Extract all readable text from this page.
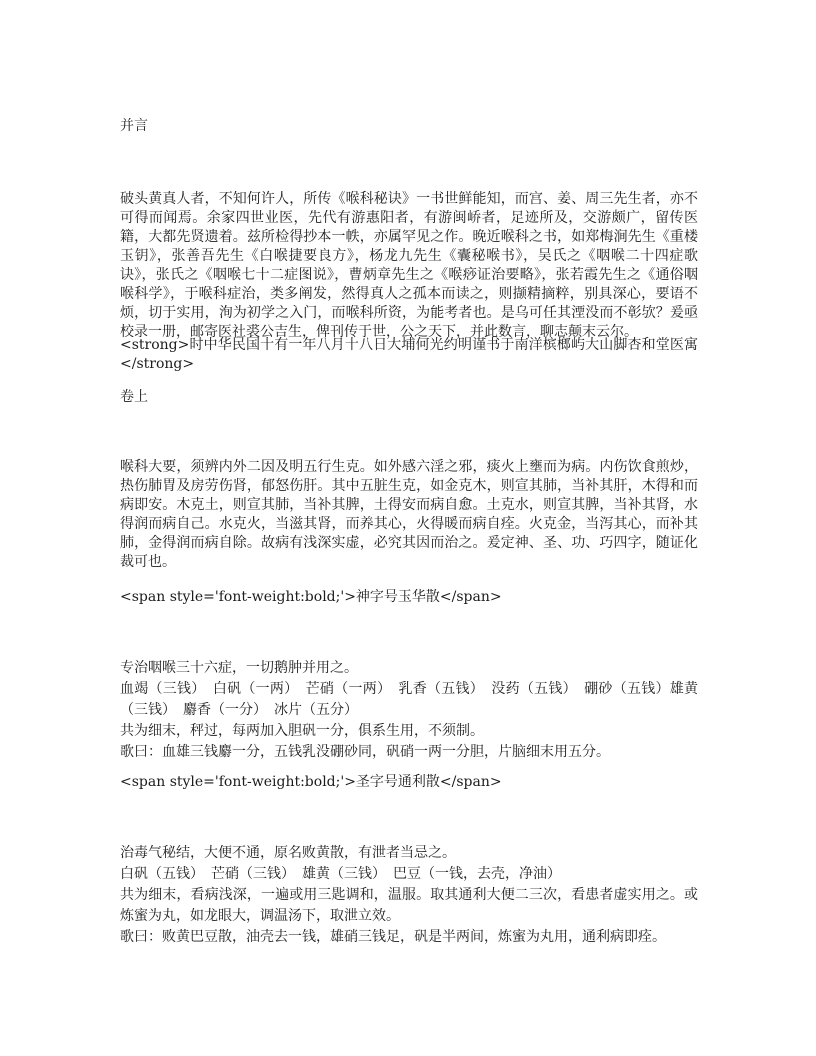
并言
破头黄真人者，不知何许人，所传《喉科秘诀》一书世鲜能知，而宫、姜、周三先生者，亦不可得而闻焉。余家四世业医，先代有游惠阳者，有游闽峤者，足迹所及，交游颇广，留传医籍，大都先贤遗着。兹所检得抄本一帙，亦属罕见之作。晚近喉科之书，如郑梅涧先生《重楼玉钥》，张善吾先生《白喉捷要良方》，杨龙九先生《囊秘喉书》，吴氏之《咽喉二十四症歌诀》，张氏之《咽喉七十二症图说》，曹炳章先生之《喉痧证治要略》，张若霞先生之《通俗咽喉科学》，于喉科症治，类多阐发，然得真人之孤本而读之，则撷精摘粹，别具深心，要语不烦，切于实用，洵为初学之入门，而喉科所资，为能考者也。是乌可任其湮没而不彰欤？爰亟校录一册，邮寄医社裘公吉生，俾刊传于世，公之天下，并此数言，聊志颠末云尔。
<strong>时中华民国十有一年八月十八日大埔何光约明谨书于南洋槟榔屿大山脚杏和堂医寓</strong>
卷上
喉科大要，须辨内外二因及明五行生克。如外感六淫之邪，痰火上壅而为病。内伤饮食煎炒，热伤肺胃及房劳伤肾，郁怒伤肝。其中五脏生克，如金克木，则宣其肺，当补其肝，木得和而病即安。木克土，则宣其肺，当补其脾，土得安而病自愈。土克水，则宣其脾，当补其肾，水得润而病自己。水克火，当滋其肾，而养其心，火得暖而病自痊。火克金，当泻其心，而补其肺，金得润而病自除。故病有浅深实虚，必究其因而治之。爰定神、圣、功、巧四字，随证化裁可也。
<span style='font-weight:bold;'>神字号玉华散</span>
专治咽喉三十六症，一切鹅肿并用之。
血竭（三钱）　白矾（一两）　芒硝（一两）　乳香（五钱）　没药（五钱）　硼砂（五钱）雄黄（三钱）　麝香（一分）　冰片（五分）
共为细末，秤过，每两加入胆矾一分，俱系生用，不须制。
歌曰：血雄三钱麝一分，五钱乳没硼砂同，矾硝一两一分胆，片脑细末用五分。
<span style='font-weight:bold;'>圣字号通利散</span>
治毒气秘结，大便不通，原名败黄散，有泄者当忌之。
白矾（五钱）　芒硝（三钱）　雄黄（三钱）　巴豆（一钱，去壳，净油）
共为细末，看病浅深，一遍或用三匙调和，温服。取其通利大便二三次，看患者虚实用之。或炼蜜为丸，如龙眼大，调温汤下，取泄立效。
歌曰：败黄巴豆散，油壳去一钱，雄硝三钱足，矾是半两间，炼蜜为丸用，通利病即痊。
